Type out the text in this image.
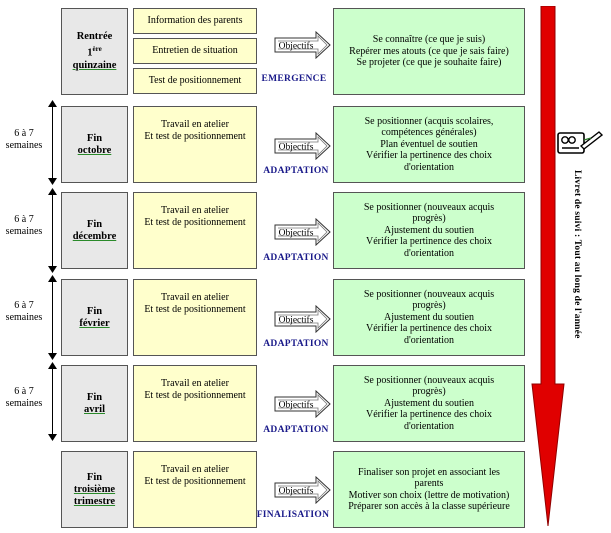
Rentrée
1ère
quinzaine
Information des parents
Entretien de situation
Test de positionnement
Objectifs
EMERGENCE
Se connaître (ce que je suis)
Repérer mes atouts (ce que je sais faire)
Se projeter (ce que je souhaite faire)
6 à 7
semaines
Fin
octobre
Travail en atelier
Et test de positionnement
Objectifs
ADAPTATION
Se positionner (acquis scolaires,
compétences générales)
Plan éventuel de soutien
Vérifier la pertinence des choix
d'orientation
6 à 7
semaines
Fin
décembre
Travail en atelier
Et test de positionnement
Objectifs
ADAPTATION
Se positionner (nouveaux acquis
progrès)
Ajustement du soutien
Vérifier la pertinence des choix
d'orientation
6 à 7
semaines
Fin
février
Travail en atelier
Et test de positionnement
Objectifs
ADAPTATION
Se positionner (nouveaux acquis
progrès)
Ajustement du soutien
Vérifier la pertinence des choix
d'orientation
6 à 7
semaines
Fin
avril
Travail en atelier
Et test de positionnement
Objectifs
ADAPTATION
Se positionner (nouveaux acquis
progrès)
Ajustement du soutien
Vérifier la pertinence des choix
d'orientation
Fin
troisième
trimestre
Travail en atelier
Et test de positionnement
Objectifs
FINALISATION
Finaliser son projet en associant les
parents
Motiver son choix (lettre de motivation)
Préparer son accès à la classe supérieure
Livret de suivi : Tout au long de l'année
